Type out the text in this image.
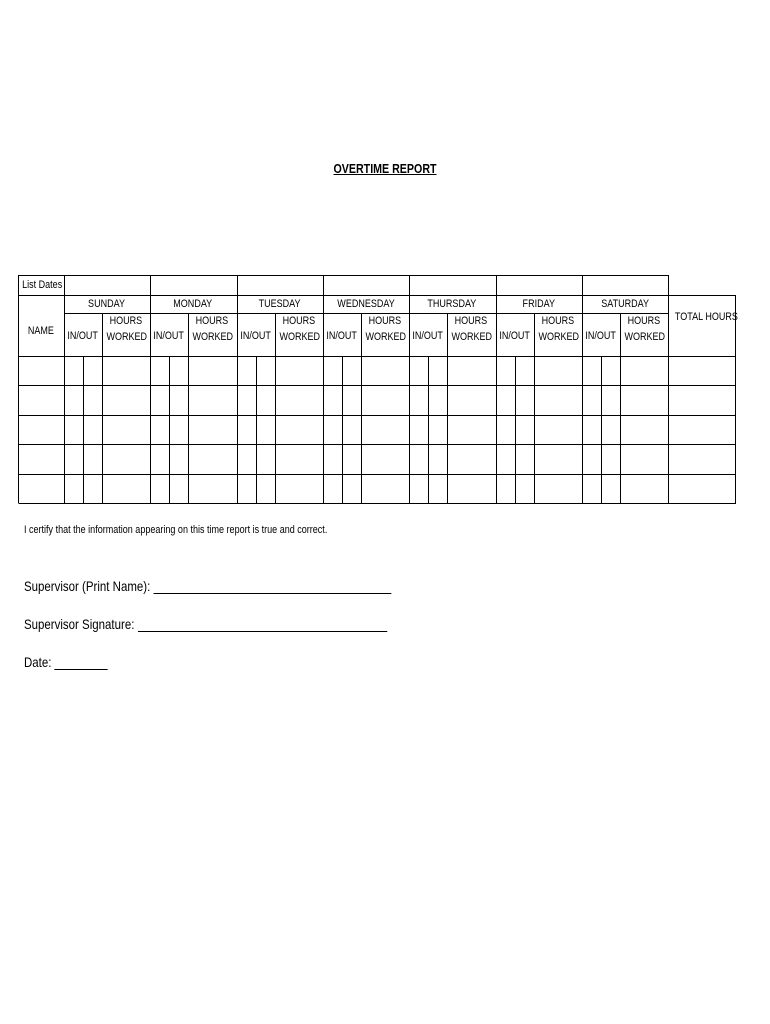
OVERTIME REPORT
List Dates
NAME
TOTAL HOURS
SUNDAY
IN/OUT
HOURS
WORKED
MONDAY
IN/OUT
HOURS
WORKED
TUESDAY
IN/OUT
HOURS
WORKED
WEDNESDAY
IN/OUT
HOURS
WORKED
THURSDAY
IN/OUT
HOURS
WORKED
FRIDAY
IN/OUT
HOURS
WORKED
SATURDAY
IN/OUT
HOURS
WORKED
I certify that the information appearing on this time report is true and correct.
Supervisor (Print Name):
Supervisor Signature:
Date:
